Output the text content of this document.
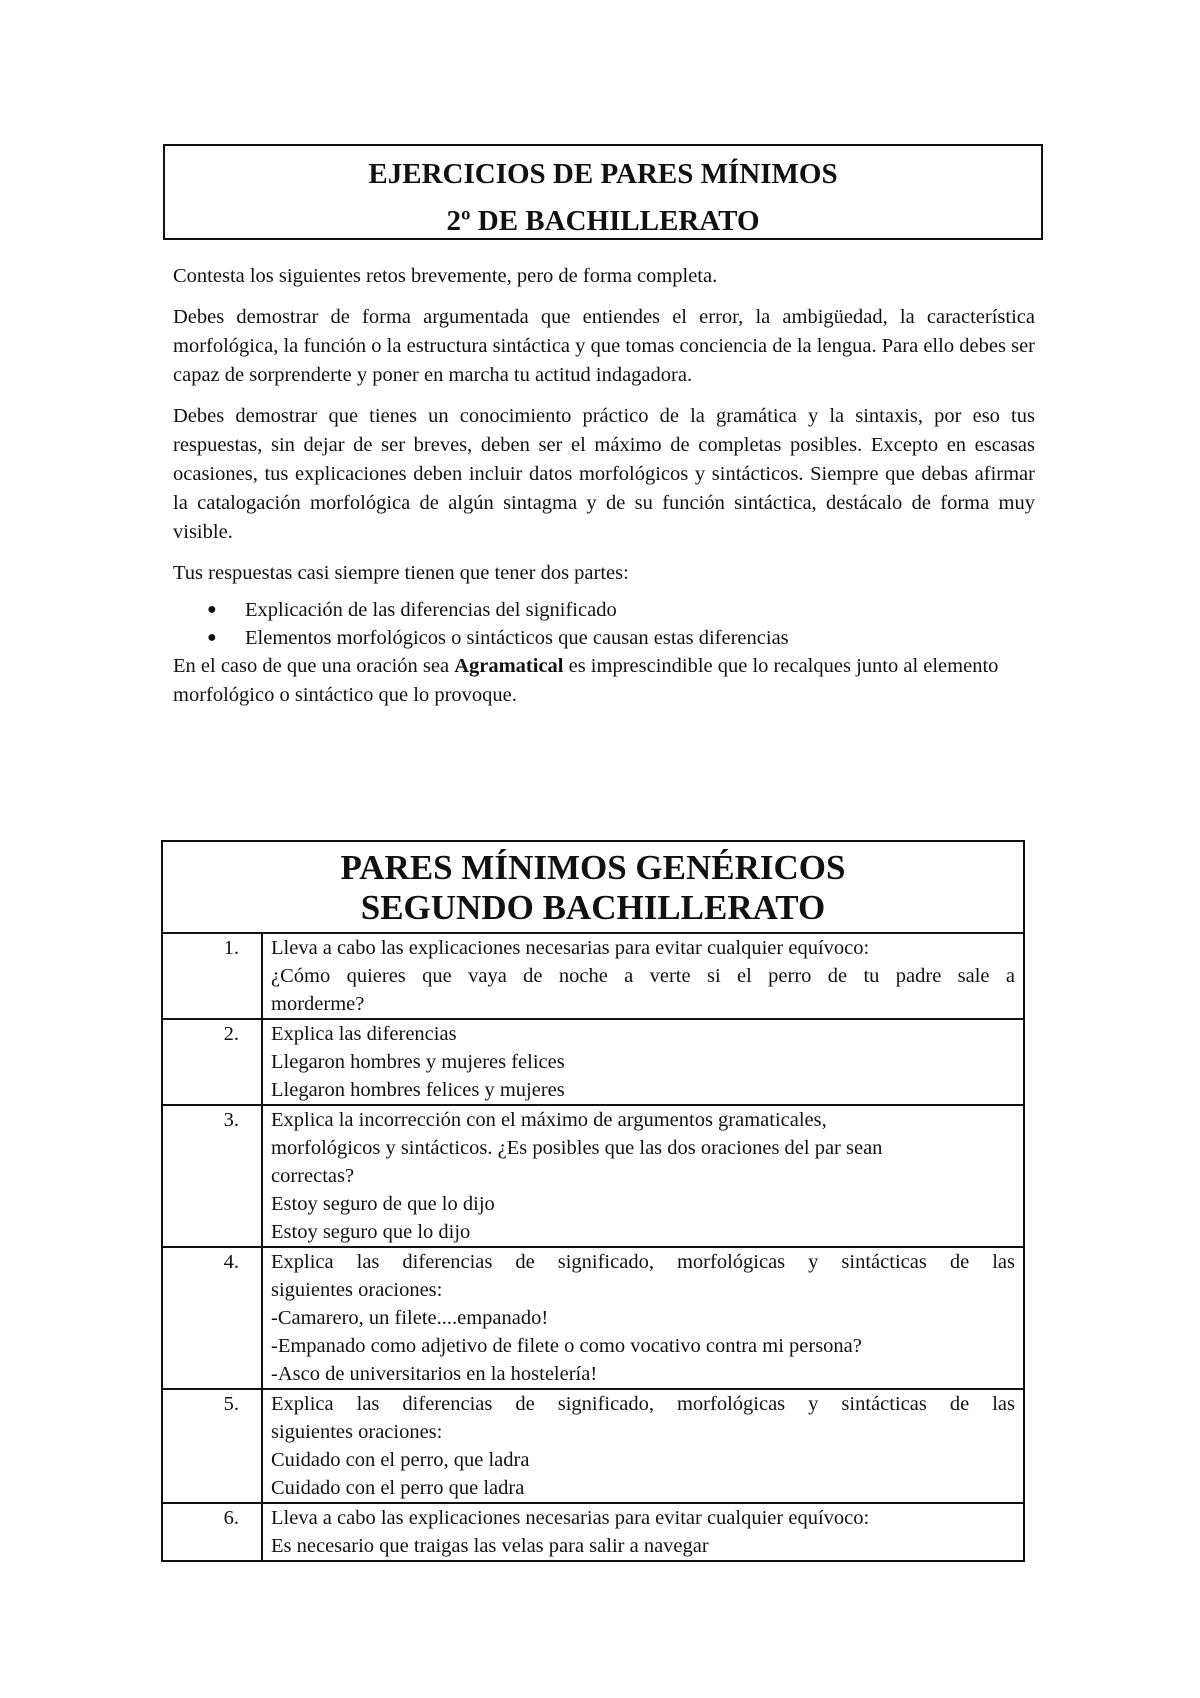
EJERCICIOS DE PARES MÍNIMOS
2º DE BACHILLERATO

Contesta los siguientes retos brevemente, pero de forma completa.

Debes demostrar de forma argumentada que entiendes el error, la ambigüedad, la característica morfológica, la función o la estructura sintáctica y que tomas conciencia de la lengua. Para ello debes ser capaz de sorprenderte y poner en marcha tu actitud indagadora.

Debes demostrar que tienes un conocimiento práctico de la gramática y la sintaxis, por eso tus respuestas, sin dejar de ser breves, deben ser el máximo de completas posibles. Excepto en escasas ocasiones, tus explicaciones deben incluir datos morfológicos y sintácticos. Siempre que debas afirmar la catalogación morfológica de algún sintagma y de su función sintáctica, destácalo de forma muy visible.

Tus respuestas casi siempre tienen que tener dos partes:

● Explicación de las diferencias del significado
● Elementos morfológicos o sintácticos que causan estas diferencias

En el caso de que una oración sea Agramatical es imprescindible que lo recalques junto al elemento morfológico o sintáctico que lo provoque.

PARES MÍNIMOS GENÉRICOS
SEGUNDO BACHILLERATO	

1.	Lleva a cabo las explicaciones necesarias para evitar cualquier equívoco:
¿Cómo quieres que vaya de noche a verte si el perro de tu padre sale a
morderme?

2.	Explica las diferencias
Llegaron hombres y mujeres felices
Llegaron hombres felices y mujeres

3.	Explica la incorrección con el máximo de argumentos gramaticales,
morfológicos y sintácticos. ¿Es posibles que las dos oraciones del par sean
correctas?
Estoy seguro de que lo dijo
Estoy seguro que lo dijo

4.	Explica las diferencias de significado, morfológicas y sintácticas de las
siguientes oraciones:
-Camarero, un filete....empanado!
-Empanado como adjetivo de filete o como vocativo contra mi persona?
-Asco de universitarios en la hostelería!

5.	Explica las diferencias de significado, morfológicas y sintácticas de las
siguientes oraciones:
Cuidado con el perro, que ladra
Cuidado con el perro que ladra

6.	Lleva a cabo las explicaciones necesarias para evitar cualquier equívoco:
Es necesario que traigas las velas para salir a navegar
